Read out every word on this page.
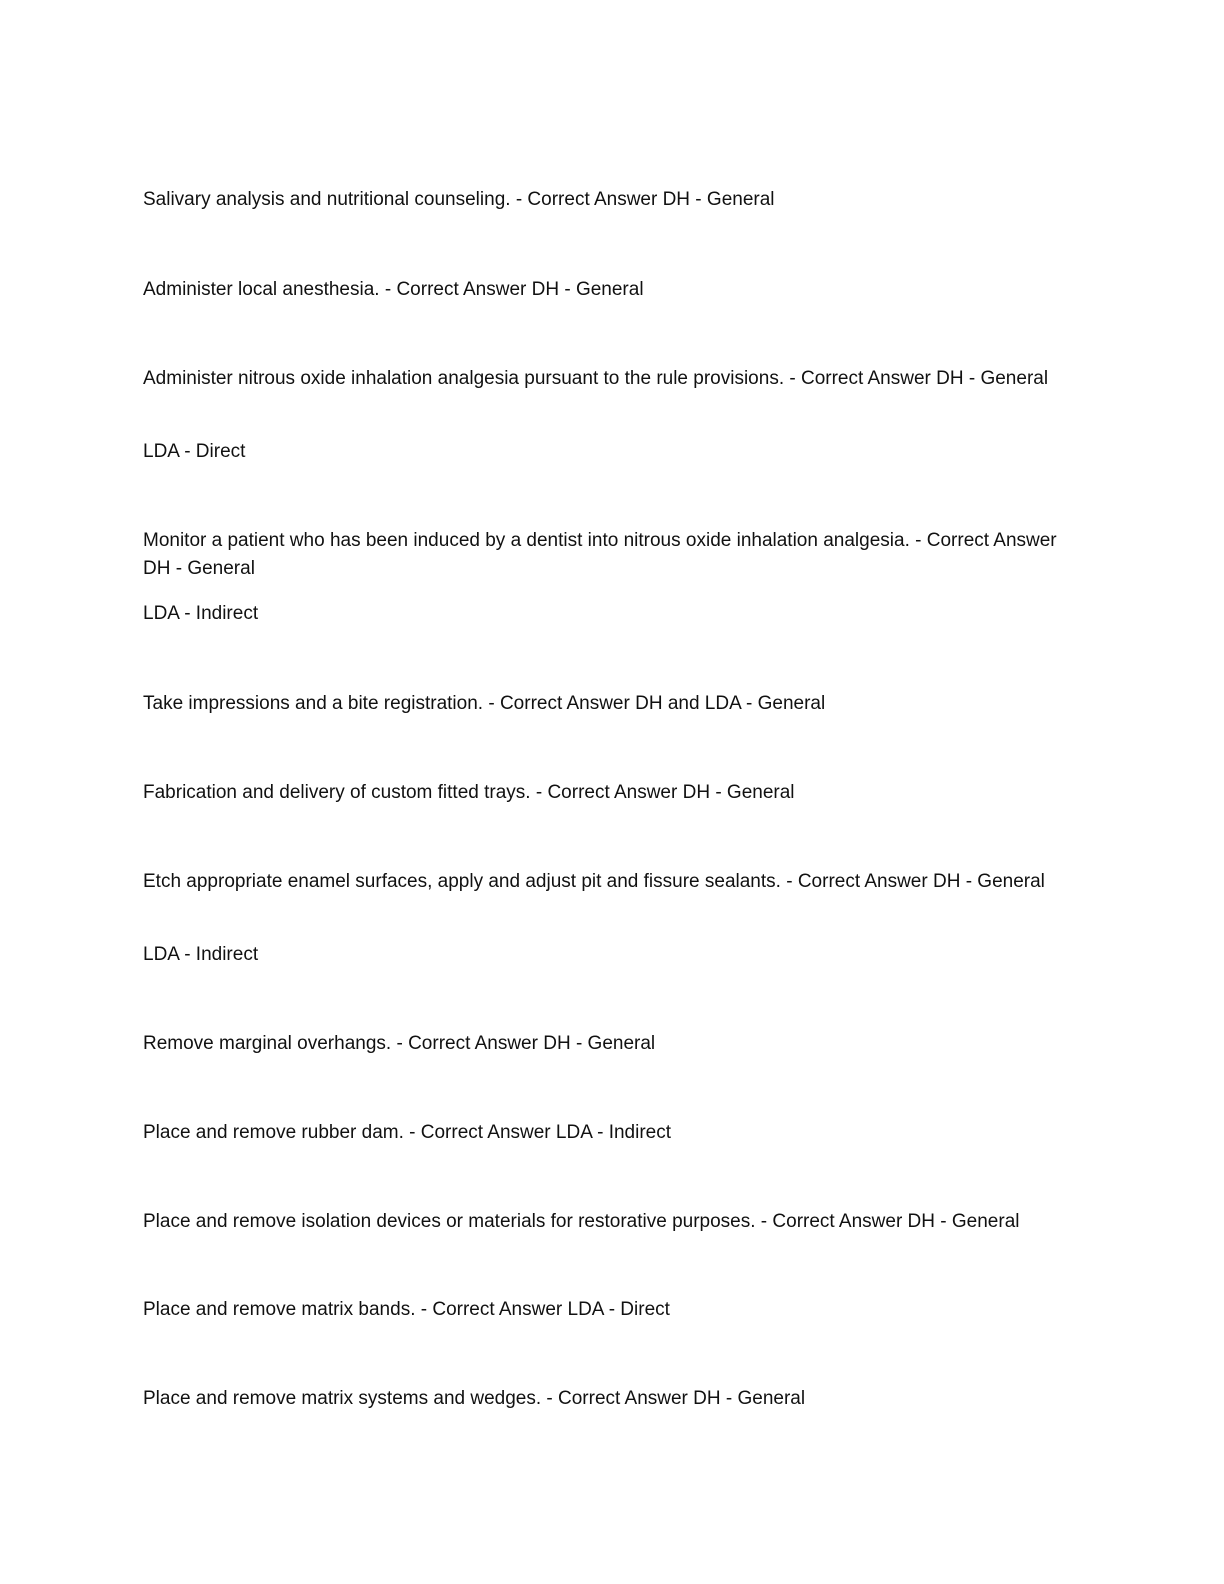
Salivary analysis and nutritional counseling. - Correct Answer DH - General

Administer local anesthesia. - Correct Answer DH - General

Administer nitrous oxide inhalation analgesia pursuant to the rule provisions. - Correct Answer DH - General

LDA - Direct

Monitor a patient who has been induced by a dentist into nitrous oxide inhalation analgesia. - Correct Answer DH - General

LDA - Indirect

Take impressions and a bite registration. - Correct Answer DH and LDA - General

Fabrication and delivery of custom fitted trays. - Correct Answer DH - General

Etch appropriate enamel surfaces, apply and adjust pit and fissure sealants. - Correct Answer DH - General

LDA - Indirect

Remove marginal overhangs. - Correct Answer DH - General

Place and remove rubber dam. - Correct Answer LDA - Indirect

Place and remove isolation devices or materials for restorative purposes. - Correct Answer DH - General

Place and remove matrix bands. - Correct Answer LDA - Direct

Place and remove matrix systems and wedges. - Correct Answer DH - General
